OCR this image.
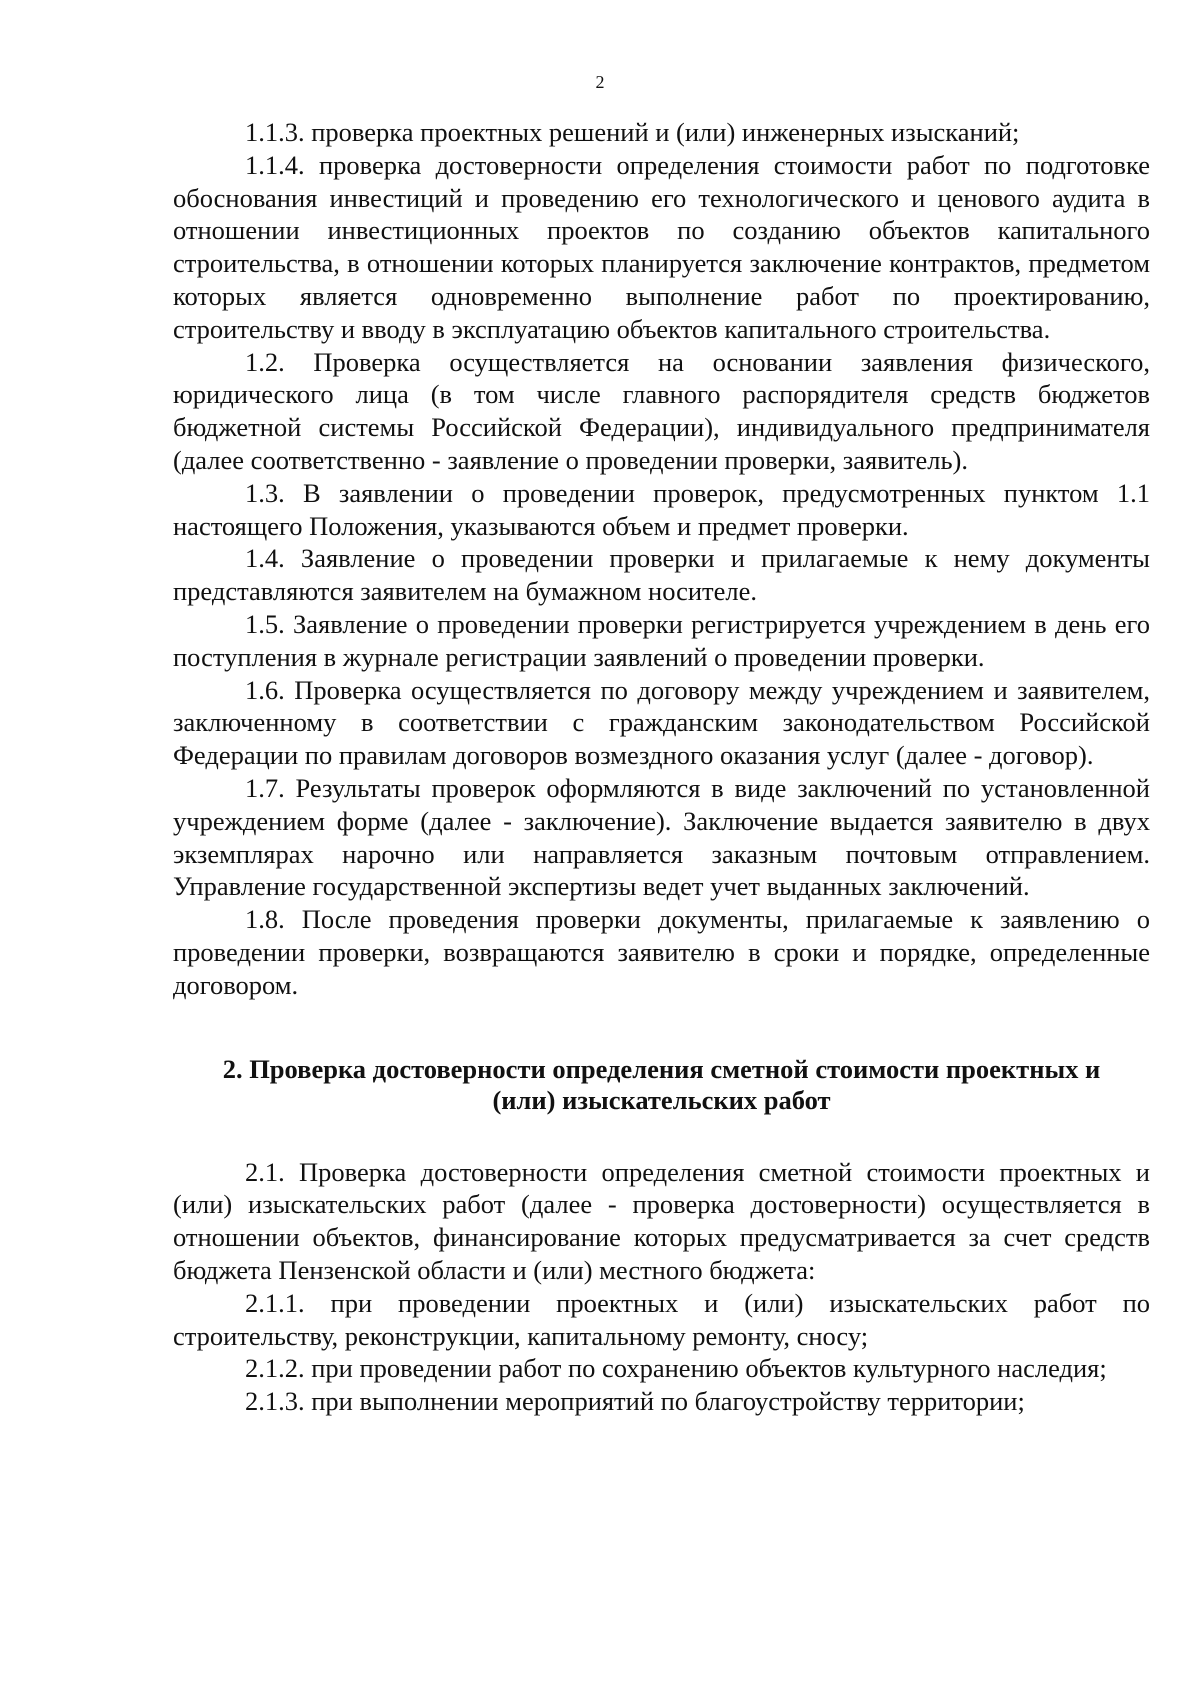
2

1.1.3. проверка проектных решений и (или) инженерных изысканий;

1.1.4. проверка достоверности определения стоимости работ по подготовке обоснования инвестиций и проведению его технологического и ценового аудита в отношении инвестиционных проектов по созданию объектов капитального строительства, в отношении которых планируется заключение контрактов, предметом которых является одновременно выполнение работ по проектированию, строительству и вводу в эксплуатацию объектов капитального строительства.

1.2. Проверка осуществляется на основании заявления физического, юридического лица (в том числе главного распорядителя средств бюджетов бюджетной системы Российской Федерации), индивидуального предпринимателя (далее соответственно - заявление о проведении проверки, заявитель).

1.3. В заявлении о проведении проверок, предусмотренных пунктом 1.1 настоящего Положения, указываются объем и предмет проверки.

1.4. Заявление о проведении проверки и прилагаемые к нему документы представляются заявителем на бумажном носителе.

1.5. Заявление о проведении проверки регистрируется учреждением в день его поступления в журнале регистрации заявлений о проведении проверки.

1.6. Проверка осуществляется по договору между учреждением и заявителем, заключенному в соответствии с гражданским законодательством Российской Федерации по правилам договоров возмездного оказания услуг (далее - договор).

1.7. Результаты проверок оформляются в виде заключений по установленной учреждением форме (далее - заключение). Заключение выдается заявителю в двух экземплярах нарочно или направляется заказным почтовым отправлением. Управление государственной экспертизы ведет учет выданных заключений.

1.8. После проведения проверки документы, прилагаемые к заявлению о проведении проверки, возвращаются заявителю в сроки и порядке, определенные договором.

2. Проверка достоверности определения сметной стоимости проектных и (или) изыскательских работ

2.1. Проверка достоверности определения сметной стоимости проектных и (или) изыскательских работ (далее - проверка достоверности) осуществляется в отношении объектов, финансирование которых предусматривается за счет средств бюджета Пензенской области и (или) местного бюджета:

2.1.1. при проведении проектных и (или) изыскательских работ по строительству, реконструкции, капитальному ремонту, сносу;

2.1.2. при проведении работ по сохранению объектов культурного наследия;

2.1.3. при выполнении мероприятий по благоустройству территории;
